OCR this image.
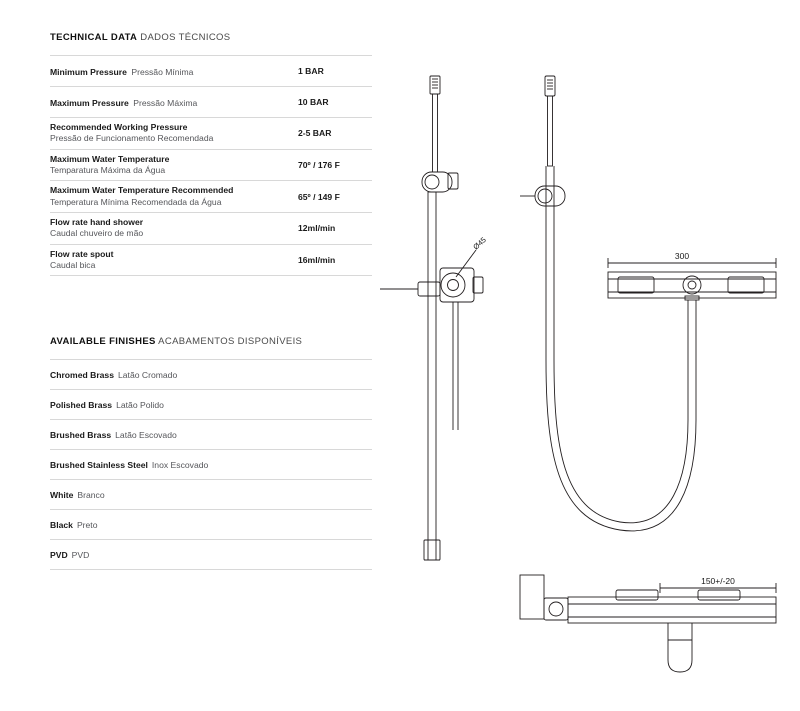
TECHNICAL DATA DADOS TÉCNICOS
Minimum Pressure Pressão Mínima	1 BAR
Maximum Pressure Pressão Máxima	10 BAR
Recommended Working Pressure
Pressão de Funcionamento Recomendada	2-5 BAR
Maximum Water Temperature
Temparatura Máxima da Água	70º / 176 F
Maximum Water Temperature Recommended
Temperatura Mínima Recomendada da Água	65º / 149 F
Flow rate hand shower
Caudal chuveiro de mão	12ml/min
Flow rate spout
Caudal bica	16ml/min
AVAILABLE FINISHES ACABAMENTOS DISPONÍVEIS
Chromed Brass Latão Cromado
Polished Brass Latão Polido
Brushed Brass Latão Escovado
Brushed Stainless Steel Inox Escovado
White Branco
Black Preto
PVD PVD
Ø45
300
150+/-20
